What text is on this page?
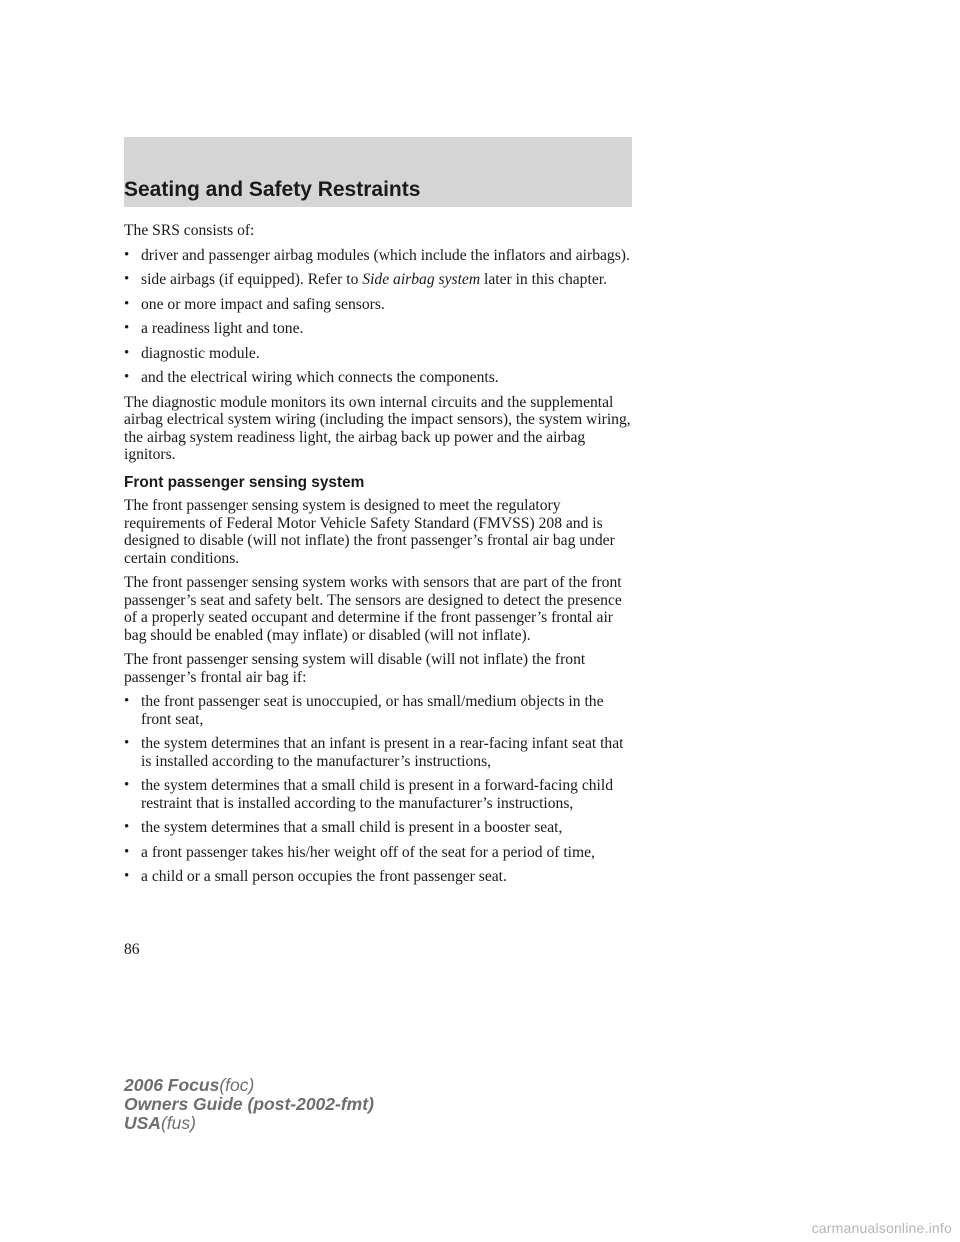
Seating and Safety Restraints

The SRS consists of:

• driver and passenger airbag modules (which include the inflators and airbags).
• side airbags (if equipped). Refer to Side airbag system later in this chapter.
• one or more impact and safing sensors.
• a readiness light and tone.
• diagnostic module.
• and the electrical wiring which connects the components.

The diagnostic module monitors its own internal circuits and the supplemental airbag electrical system wiring (including the impact sensors), the system wiring, the airbag system readiness light, the airbag back up power and the airbag ignitors.

Front passenger sensing system

The front passenger sensing system is designed to meet the regulatory requirements of Federal Motor Vehicle Safety Standard (FMVSS) 208 and is designed to disable (will not inflate) the front passenger’s frontal air bag under certain conditions.

The front passenger sensing system works with sensors that are part of the front passenger’s seat and safety belt. The sensors are designed to detect the presence of a properly seated occupant and determine if the front passenger’s frontal air bag should be enabled (may inflate) or disabled (will not inflate).

The front passenger sensing system will disable (will not inflate) the front passenger’s frontal air bag if:

• the front passenger seat is unoccupied, or has small/medium objects in the front seat,
• the system determines that an infant is present in a rear-facing infant seat that is installed according to the manufacturer’s instructions,
• the system determines that a small child is present in a forward-facing child restraint that is installed according to the manufacturer’s instructions,
• the system determines that a small child is present in a booster seat,
• a front passenger takes his/her weight off of the seat for a period of time,
• a child or a small person occupies the front passenger seat.
86
2006 Focus(foc)
Owners Guide (post-2002-fmt)
USA(fus)
carmanualsonline.info
